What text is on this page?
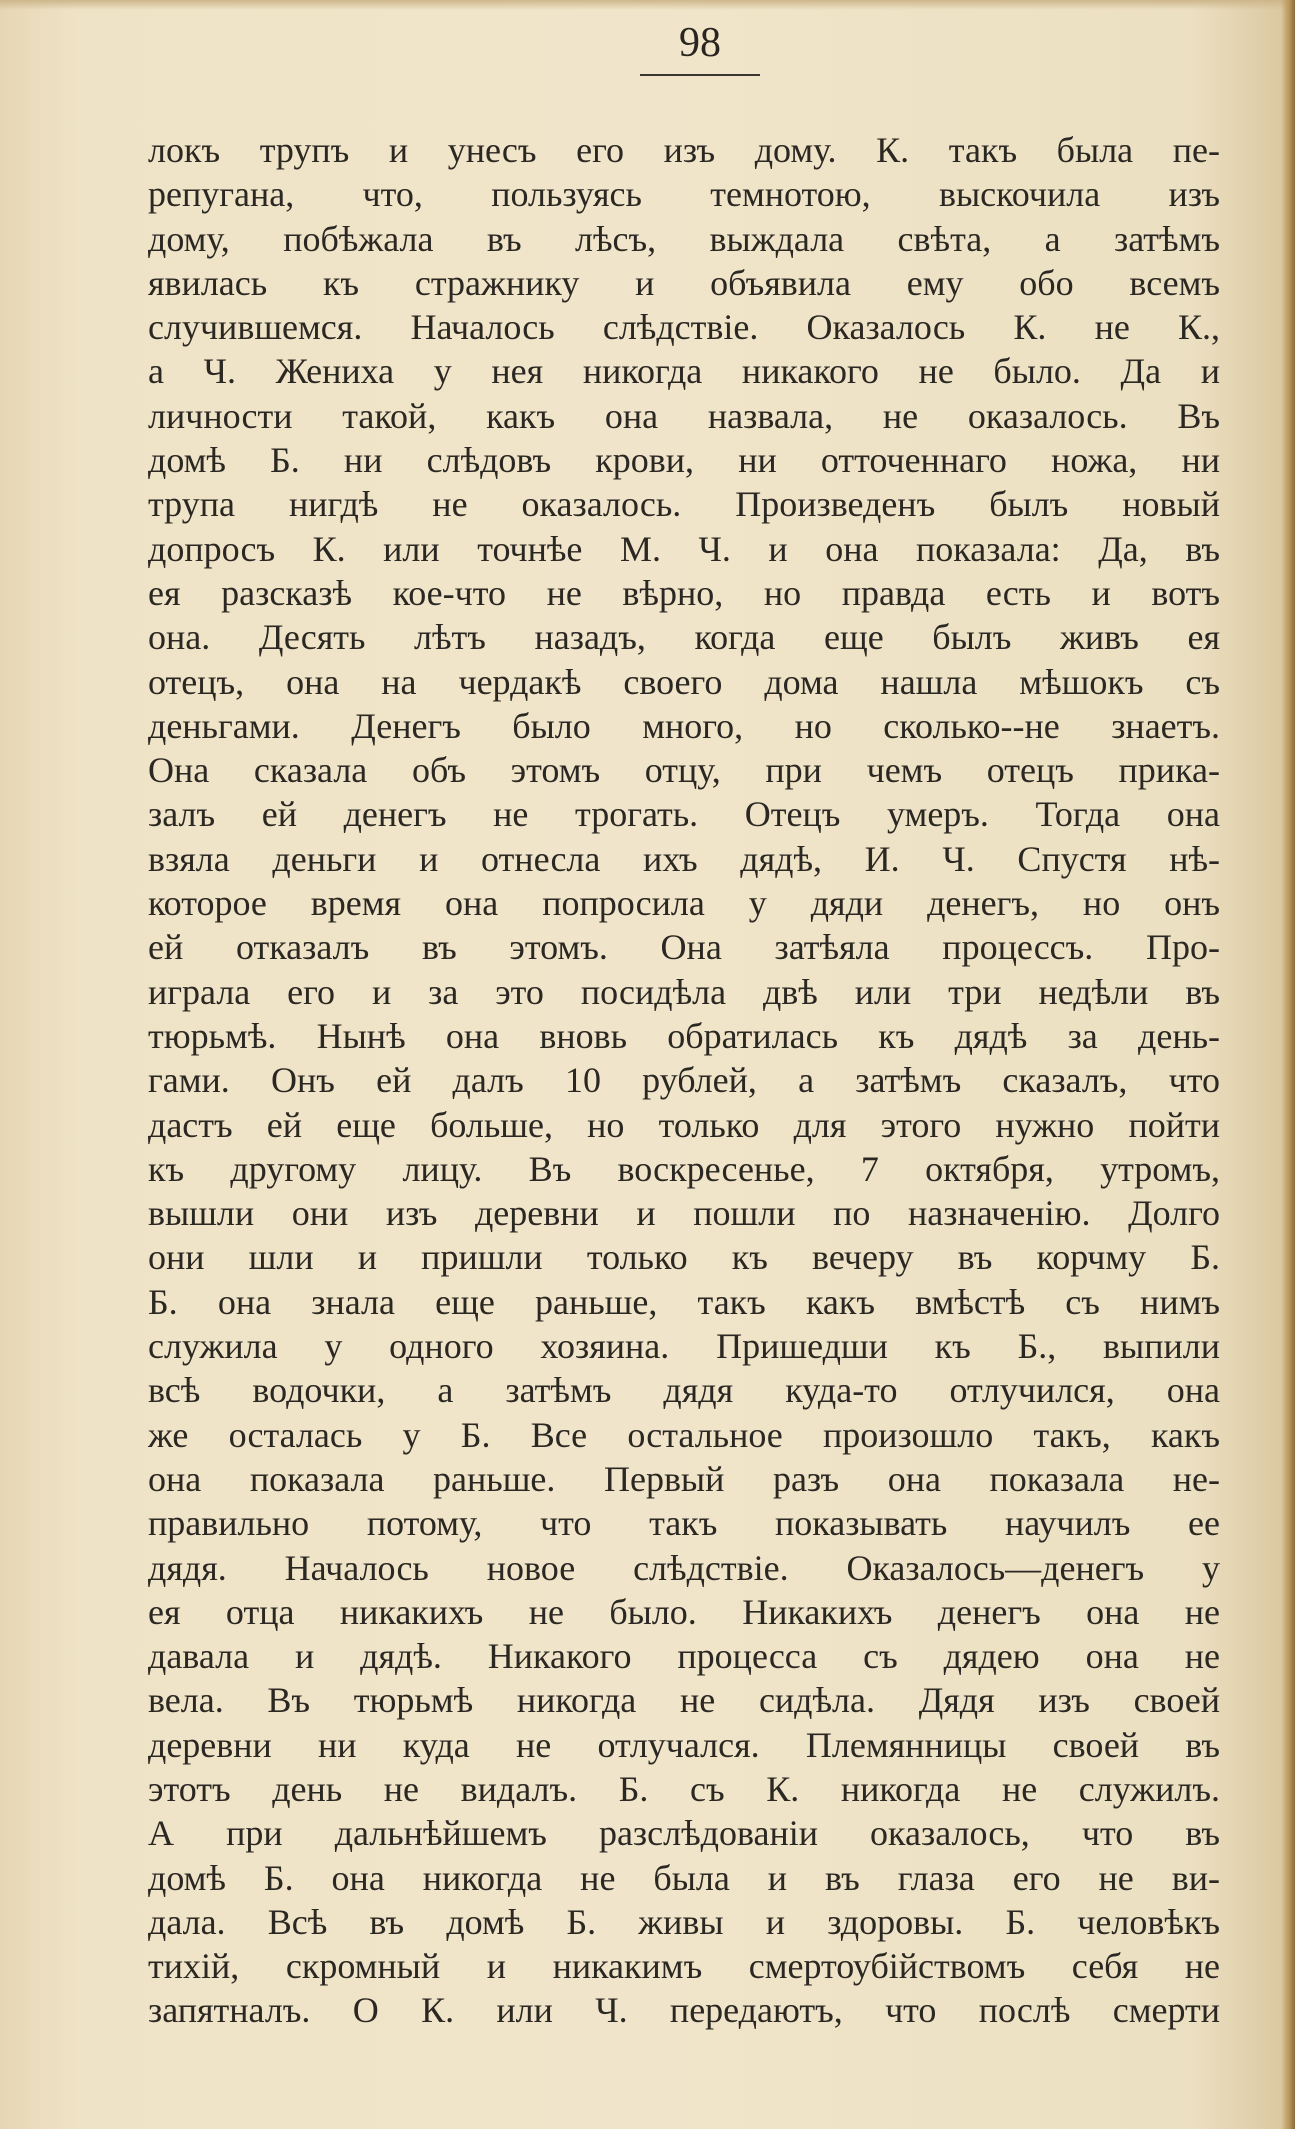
98
локъ трупъ и унесъ его изъ дому. К. такъ была пе-
репугана, что, пользуясь темнотою, выскочила изъ
дому, побѣжала въ лѣсъ, выждала свѣта, а затѣмъ
явилась къ стражнику и объявила ему обо всемъ
случившемся. Началось слѣдствіе. Оказалось К. не К.,
а Ч. Жениха у нея никогда никакого не было. Да и
личности такой, какъ она назвала, не оказалось. Въ
домѣ Б. ни слѣдовъ крови, ни отточеннаго ножа, ни
трупа нигдѣ не оказалось. Произведенъ былъ новый
допросъ К. или точнѣе М. Ч. и она показала: Да, въ
ея разсказѣ кое-что не вѣрно, но правда есть и вотъ
она. Десять лѣтъ назадъ, когда еще былъ живъ ея
отецъ, она на чердакѣ своего дома нашла мѣшокъ съ
деньгами. Денегъ было много, но сколько--не знаетъ.
Она сказала объ этомъ отцу, при чемъ отецъ прика-
залъ ей денегъ не трогать. Отецъ умеръ. Тогда она
взяла деньги и отнесла ихъ дядѣ, И. Ч. Спустя нѣ-
которое время она попросила у дяди денегъ, но онъ
ей отказалъ въ этомъ. Она затѣяла процессъ. Про-
играла его и за это посидѣла двѣ или три недѣли въ
тюрьмѣ. Нынѣ она вновь обратилась къ дядѣ за день-
гами. Онъ ей далъ 10 рублей, а затѣмъ сказалъ, что
дастъ ей еще больше, но только для этого нужно пойти
къ другому лицу. Въ воскресенье, 7 октября, утромъ,
вышли они изъ деревни и пошли по назначенію. Долго
они шли и пришли только къ вечеру въ корчму Б.
Б. она знала еще раньше, такъ какъ вмѣстѣ съ нимъ
служила у одного хозяина. Пришедши къ Б., выпили
всѣ водочки, а затѣмъ дядя куда-то отлучился, она
же осталась у Б. Все остальное произошло такъ, какъ
она показала раньше. Первый разъ она показала не-
правильно потому, что такъ показывать научилъ ее
дядя. Началось новое слѣдствіе. Оказалось—денегъ у
ея отца никакихъ не было. Никакихъ денегъ она не
давала и дядѣ. Никакого процесса съ дядею она не
вела. Въ тюрьмѣ никогда не сидѣла. Дядя изъ своей
деревни ни куда не отлучался. Племянницы своей въ
этотъ день не видалъ. Б. съ К. никогда не служилъ.
А при дальнѣйшемъ разслѣдованіи оказалось, что въ
домѣ Б. она никогда не была и въ глаза его не ви-
дала. Всѣ въ домѣ Б. живы и здоровы. Б. человѣкъ
тихій, скромный и никакимъ смертоубійствомъ себя не
запятналъ. О К. или Ч. передаютъ, что послѣ смерти
